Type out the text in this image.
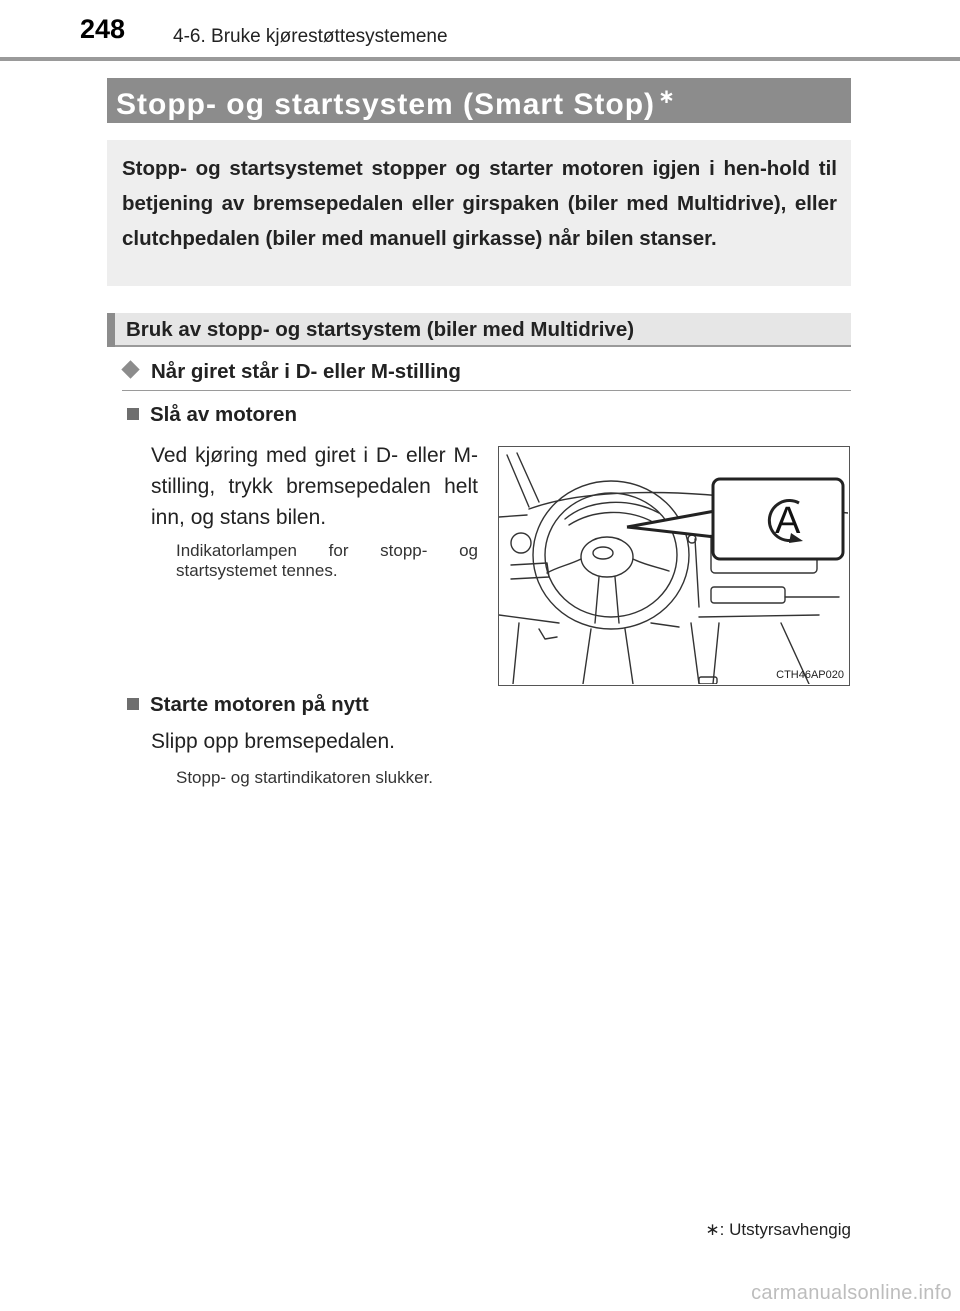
248	4-6. Bruke kjørestøttesystemene
Stopp- og startsystem (Smart Stop) ∗
Stopp- og startsystemet stopper og starter motoren igjen i hen-hold til betjening av bremsepedalen eller girspaken (biler med Multidrive), eller clutchpedalen (biler med manuell girkasse) når bilen stanser.
Bruk av stopp- og startsystem (biler med Multidrive)
Når giret står i D- eller M-stilling
Slå av motoren
Ved kjøring med giret i D- eller M-stilling, trykk bremsepedalen helt inn, og stans bilen.
Indikatorlampen for stopp- og startsystemet tennes.
A
CTH46AP020
Starte motoren på nytt
Slipp opp bremsepedalen.
Stopp- og startindikatoren slukker.
∗: Utstyrsavhengig
carmanualsonline.info
